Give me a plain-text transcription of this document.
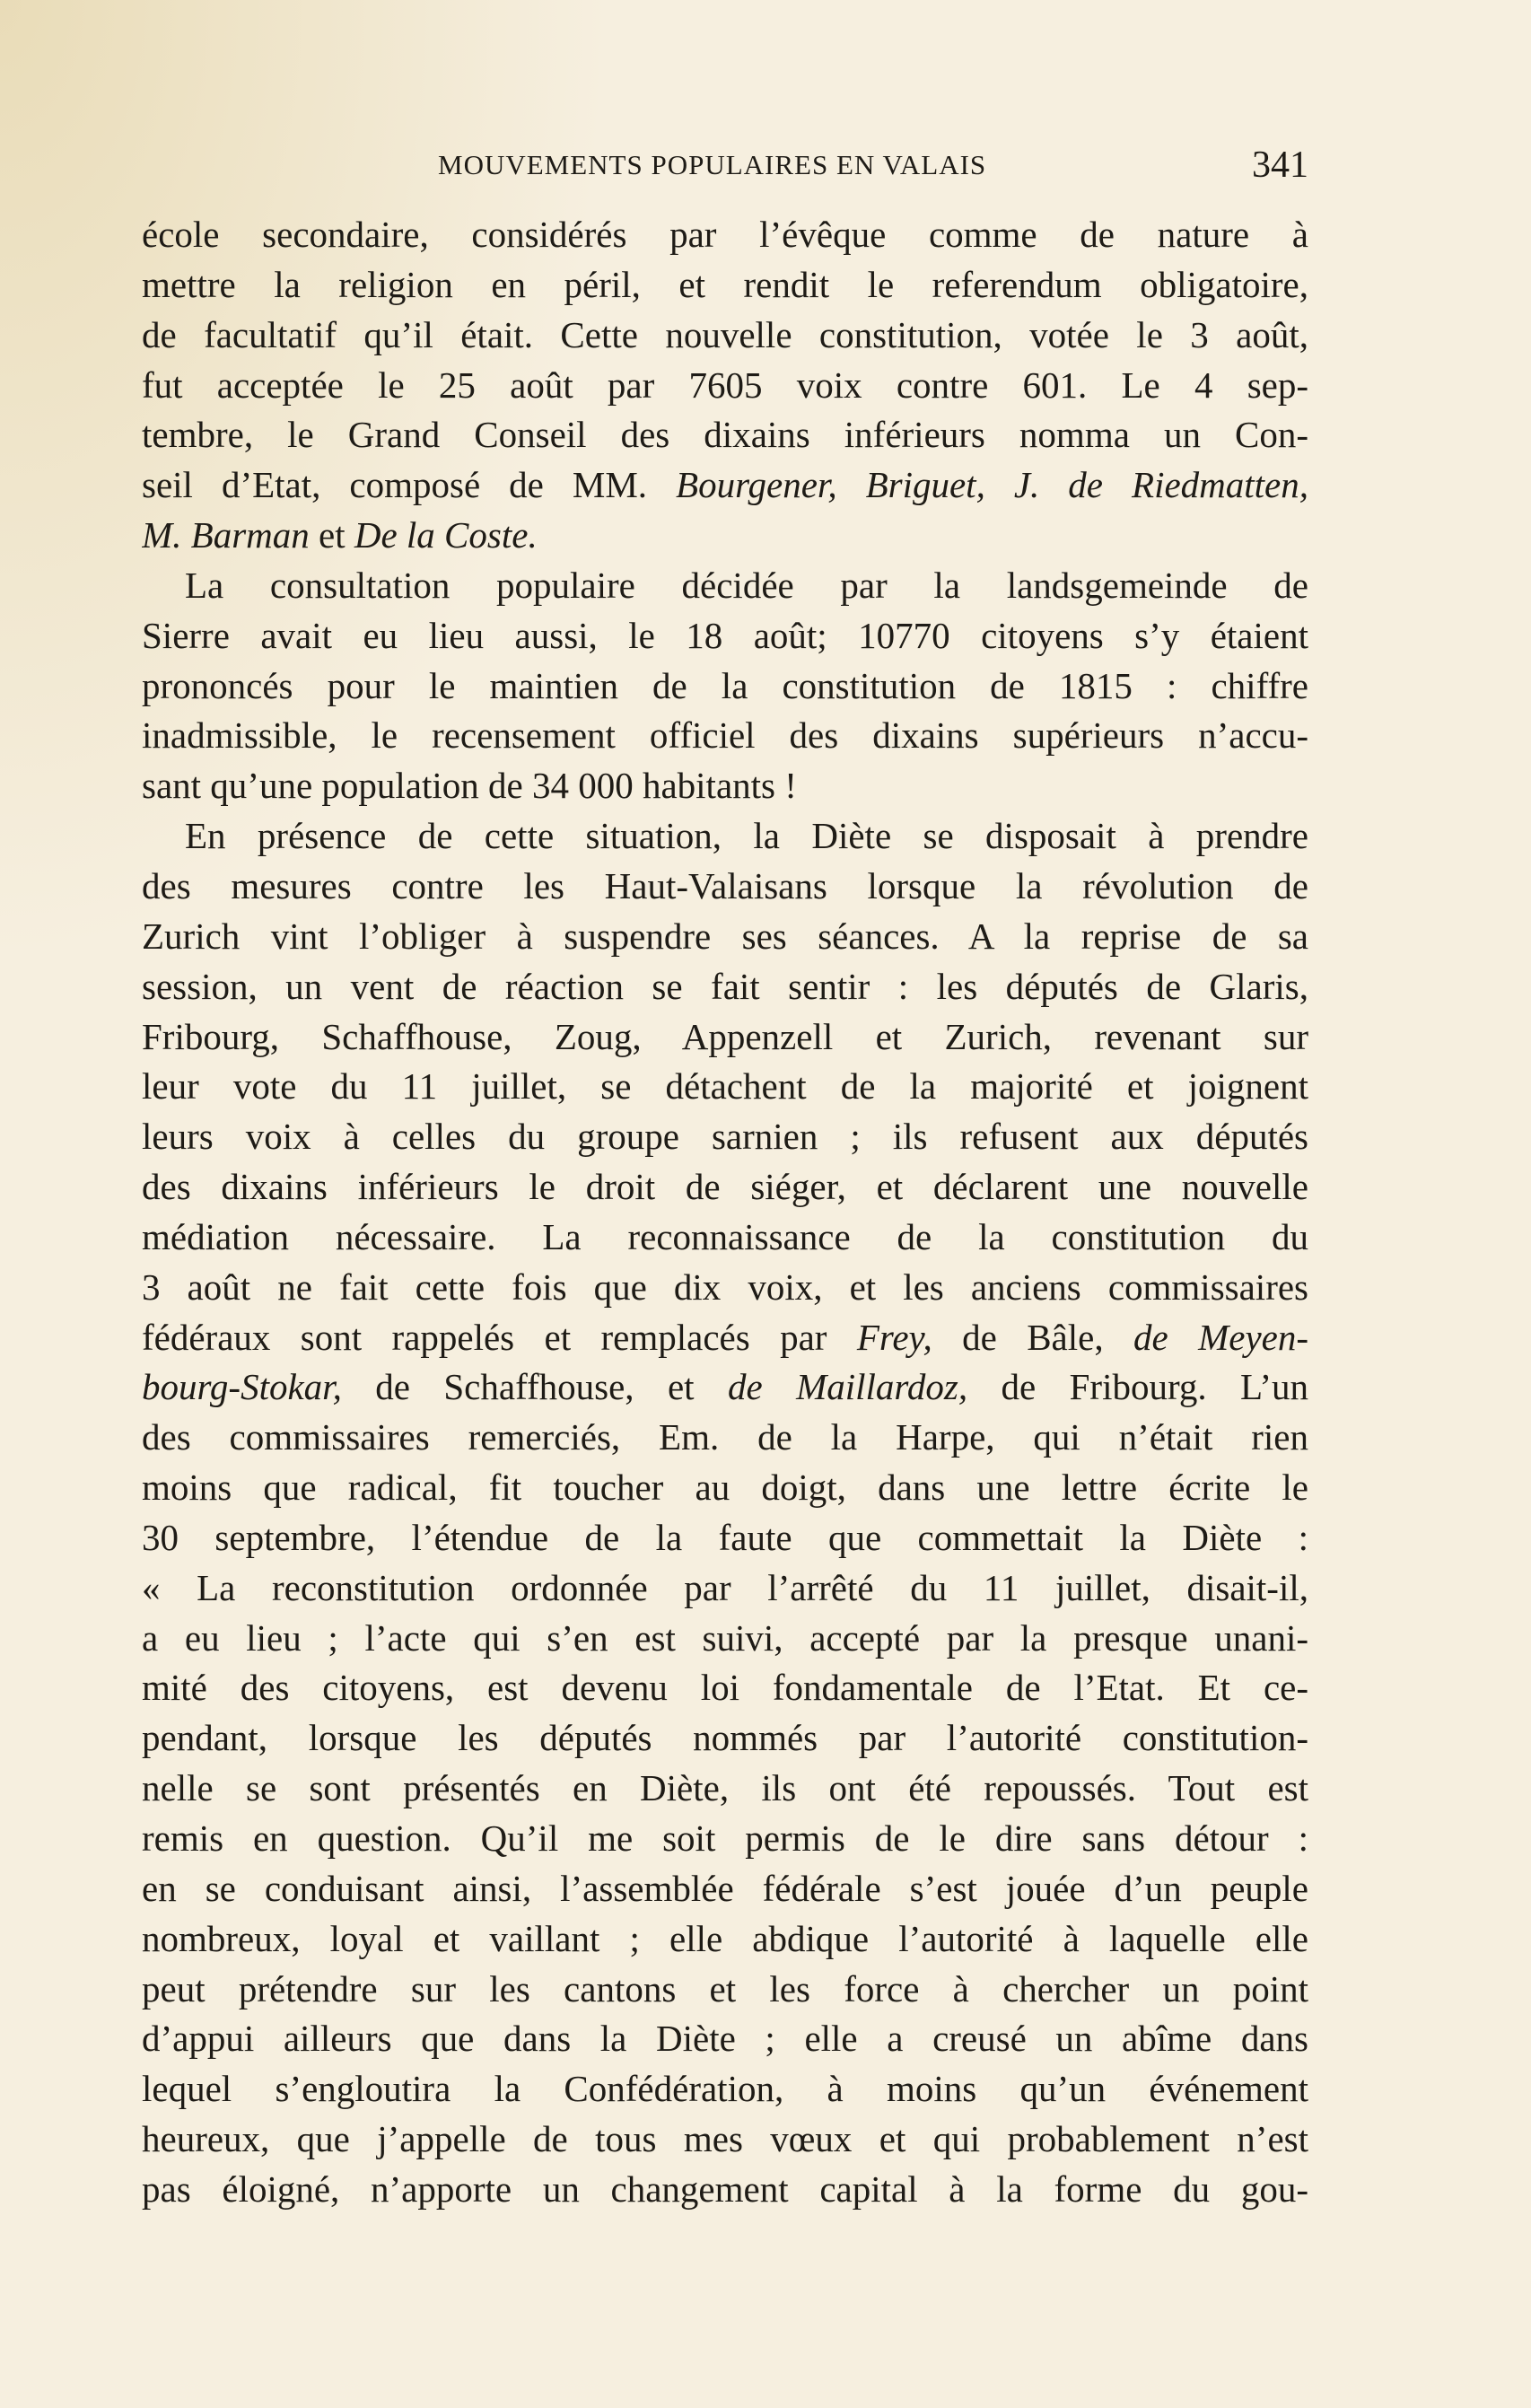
MOUVEMENTS POPULAIRES EN VALAIS	341
école secondaire, considérés par l’évêque comme de nature à
mettre la religion en péril, et rendit le referendum obligatoire,
de facultatif qu’il était. Cette nouvelle constitution, votée le 3 août,
fut acceptée le 25 août par 7605 voix contre 601. Le 4 sep-
tembre, le Grand Conseil des dixains inférieurs nomma un Con-
seil d’Etat, composé de MM. Bourgener, Briguet, J. de Riedmatten,
M. Barman et De la Coste.
La consultation populaire décidée par la landsgemeinde de
Sierre avait eu lieu aussi, le 18 août; 10770 citoyens s’y étaient
prononcés pour le maintien de la constitution de 1815 : chiffre
inadmissible, le recensement officiel des dixains supérieurs n’accu-
sant qu’une population de 34 000 habitants !
En présence de cette situation, la Diète se disposait à prendre
des mesures contre les Haut-Valaisans lorsque la révolution de
Zurich vint l’obliger à suspendre ses séances. A la reprise de sa
session, un vent de réaction se fait sentir : les députés de Glaris,
Fribourg, Schaffhouse, Zoug, Appenzell et Zurich, revenant sur
leur vote du 11 juillet, se détachent de la majorité et joignent
leurs voix à celles du groupe sarnien ; ils refusent aux députés
des dixains inférieurs le droit de siéger, et déclarent une nouvelle
médiation nécessaire. La reconnaissance de la constitution du
3 août ne fait cette fois que dix voix, et les anciens commissaires
fédéraux sont rappelés et remplacés par Frey, de Bâle, de Meyen-
bourg-Stokar, de Schaffhouse, et de Maillardoz, de Fribourg. L’un
des commissaires remerciés, Em. de la Harpe, qui n’était rien
moins que radical, fit toucher au doigt, dans une lettre écrite le
30 septembre, l’étendue de la faute que commettait la Diète :
« La reconstitution ordonnée par l’arrêté du 11 juillet, disait-il,
a eu lieu ; l’acte qui s’en est suivi, accepté par la presque unani-
mité des citoyens, est devenu loi fondamentale de l’Etat. Et ce-
pendant, lorsque les députés nommés par l’autorité constitution-
nelle se sont présentés en Diète, ils ont été repoussés. Tout est
remis en question. Qu’il me soit permis de le dire sans détour :
en se conduisant ainsi, l’assemblée fédérale s’est jouée d’un peuple
nombreux, loyal et vaillant ; elle abdique l’autorité à laquelle elle
peut prétendre sur les cantons et les force à chercher un point
d’appui ailleurs que dans la Diète ; elle a creusé un abîme dans
lequel s’engloutira la Confédération, à moins qu’un événement
heureux, que j’appelle de tous mes vœux et qui probablement n’est
pas éloigné, n’apporte un changement capital à la forme du gou-
